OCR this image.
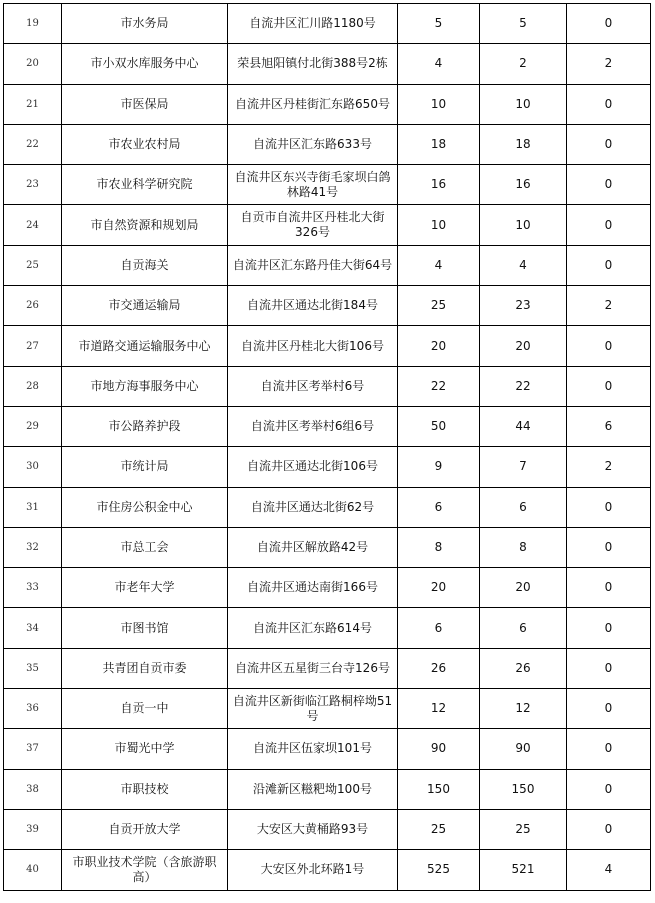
19	市水务局	自流井区汇川路1180号	5	5	0
20	市小双水库服务中心	荣县旭阳镇付北街388号2栋	4	2	2
21	市医保局	自流井区丹桂街汇东路650号	10	10	0
22	市农业农村局	自流井区汇东路633号	18	18	0
23	市农业科学研究院	自流井区东兴寺街毛家坝白鸽林路41号	16	16	0
24	市自然资源和规划局	自贡市自流井区丹桂北大街326号	10	10	0
25	自贡海关	自流井区汇东路丹佳大街64号	4	4	0
26	市交通运输局	自流井区通达北街184号	25	23	2
27	市道路交通运输服务中心	自流井区丹桂北大街106号	20	20	0
28	市地方海事服务中心	自流井区考举村6号	22	22	0
29	市公路养护段	自流井区考举村6组6号	50	44	6
30	市统计局	自流井区通达北街106号	9	7	2
31	市住房公积金中心	自流井区通达北街62号	6	6	0
32	市总工会	自流井区解放路42号	8	8	0
33	市老年大学	自流井区通达南街166号	20	20	0
34	市图书馆	自流井区汇东路614号	6	6	0
35	共青团自贡市委	自流井区五星街三台寺126号	26	26	0
36	自贡一中	自流井区新街临江路桐梓坳51号	12	12	0
37	市蜀光中学	自流井区伍家坝101号	90	90	0
38	市职技校	沿滩新区糍粑坳100号	150	150	0
39	自贡开放大学	大安区大黄桶路93号	25	25	0
40	市职业技术学院（含旅游职高）	大安区外北环路1号	525	521	4
